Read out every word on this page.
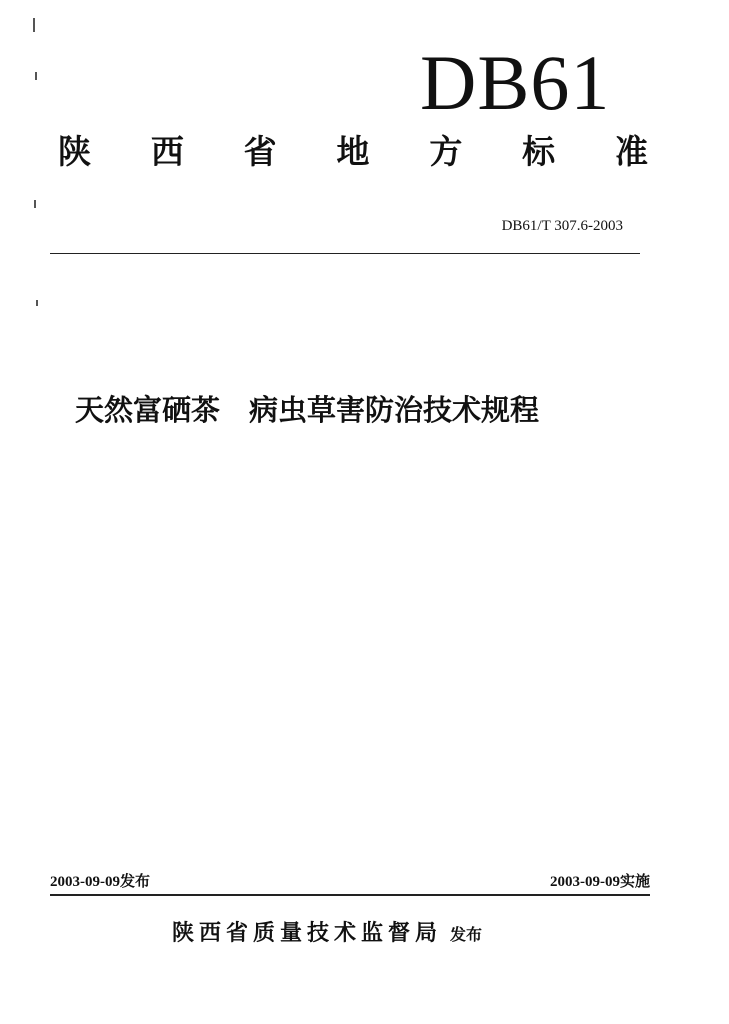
DB61
陕 西 省 地 方 标 准
DB61/T 307.6-2003
天然富硒茶　病虫草害防治技术规程
2003-09-09发布	2003-09-09实施
陕西省质量技术监督局 发布
